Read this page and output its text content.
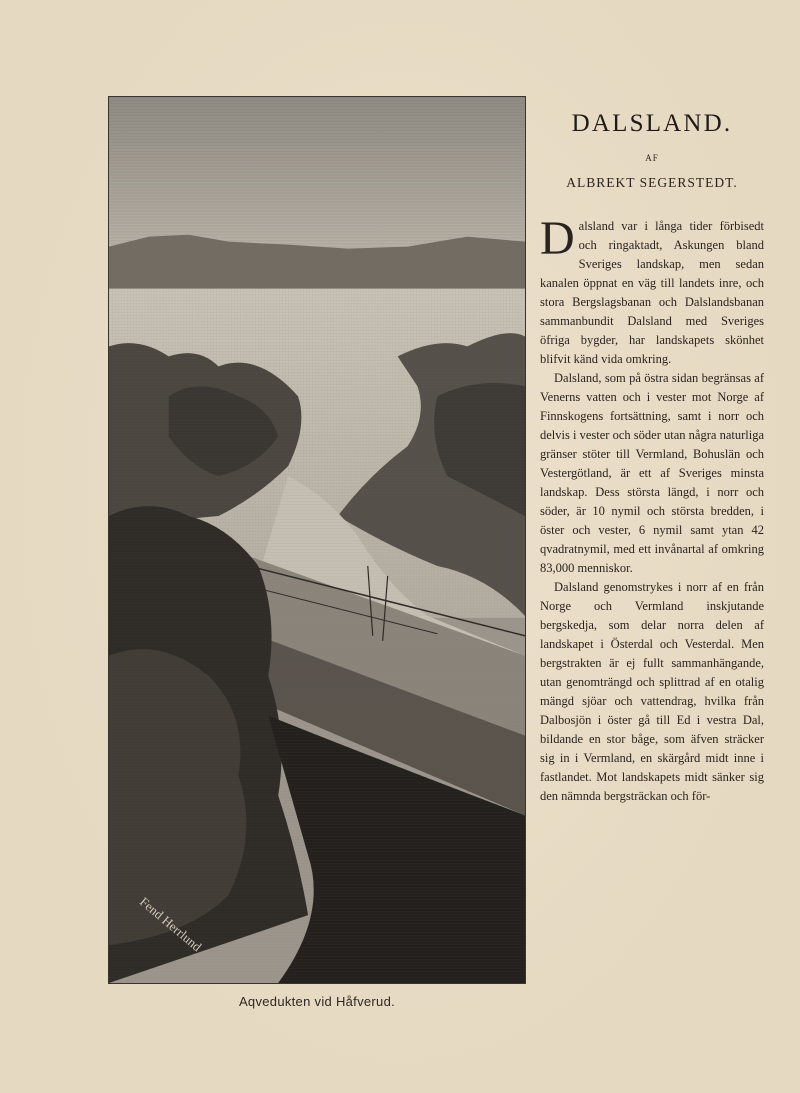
Fend Herrlund
Aqvedukten vid Håfverud.
DALSLAND.
AF
ALBREKT SEGERSTEDT.

Dalsland var i långa tider förbisedt och ringaktadt, Askungen bland Sveriges landskap, men sedan kanalen öppnat en väg till landets inre, och stora Bergslagsbanan och Dalslandsbanan sammanbundit Dalsland med Sveriges öfriga bygder, har landskapets skönhet blifvit känd vida omkring.

Dalsland, som på östra sidan begränsas af Venerns vatten och i vester mot Norge af Finnskogens fortsättning, samt i norr och delvis i vester och söder utan några naturliga gränser stöter till Vermland, Bohuslän och Vestergötland, är ett af Sveriges minsta landskap. Dess största längd, i norr och söder, är 10 nymil och största bredden, i öster och vester, 6 nymil samt ytan 42 qvadratnymil, med ett invånartal af omkring 83,000 menniskor.

Dalsland genomstrykes i norr af en från Norge och Vermland inskjutande bergskedja, som delar norra delen af landskapet i Österdal och Vesterdal. Men bergstrakten är ej fullt sammanhängande, utan genomträngd och splittrad af en otalig mängd sjöar och vattendrag, hvilka från Dalbosjön i öster gå till Ed i vestra Dal, bildande en stor båge, som äfven sträcker sig in i Vermland, en skärgård midt inne i fastlandet. Mot landskapets midt sänker sig den nämnda bergsträckan och för-
